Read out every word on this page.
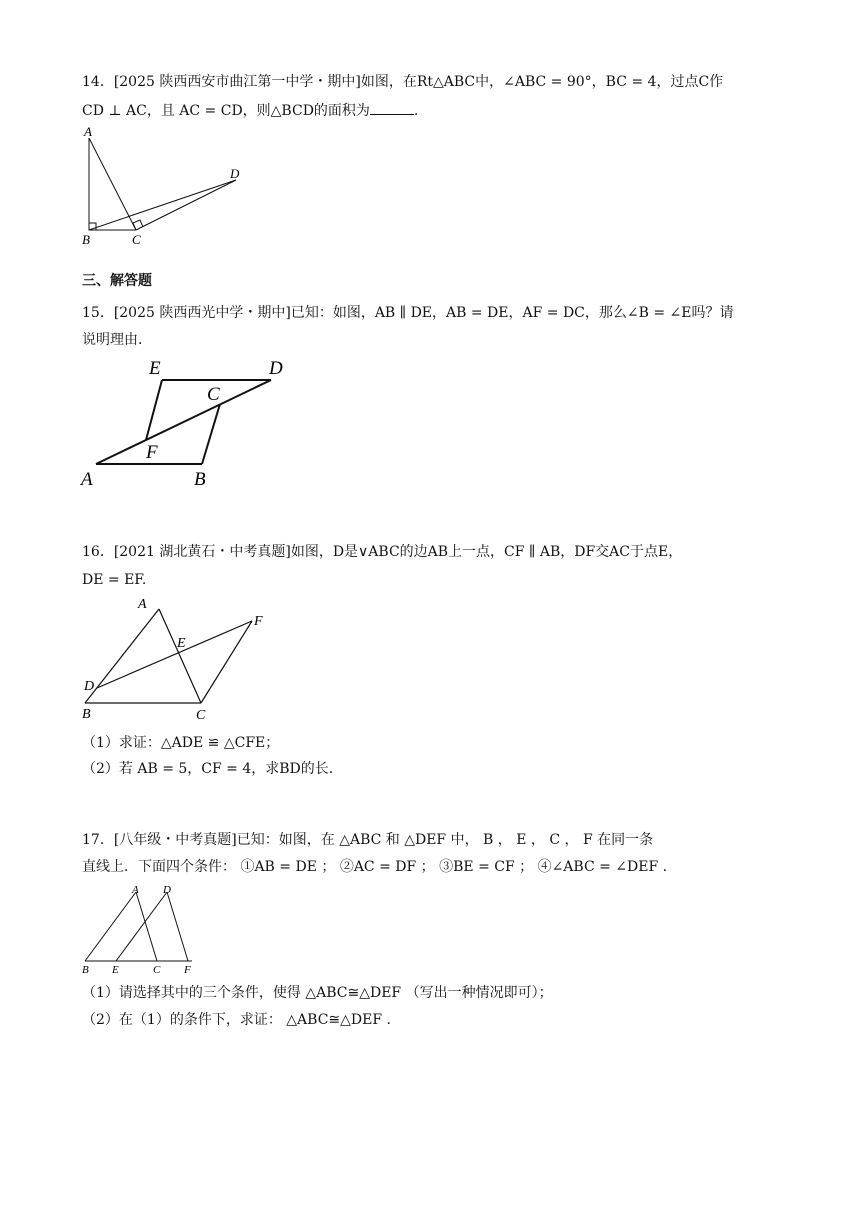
14．[2025 陕西西安市曲江第一中学・期中]如图，在Rt△ABC中，∠ABC = 90°，BC = 4，过点C作
CD ⊥ AC，且 AC = CD，则△BCD的面积为	.
A
B	C
D
三、解答题
15．[2025 陕西西光中学・期中]已知：如图，AB ∥ DE，AB = DE，AF = DC，那么∠B = ∠E吗？请
说明理由.
E	D
C
F
A	B
16．[2021 湖北黄石・中考真题]如图，D是∨ABC的边AB上一点，CF ∥ AB，DF交AC于点E，
DE = EF.
A
E
F
D
B	C
（1）求证：△ADE ≌ △CFE；
（2）若 AB = 5，CF = 4，求BD的长.
17．[八年级・中考真题]已知：如图，在 △ABC 和 △DEF 中， B ， E ， C ， F 在同一条
直线上．下面四个条件： ①AB = DE ； ②AC = DF ； ③BE = CF ； ④∠ABC = ∠DEF .
A D
B E	C F
（1）请选择其中的三个条件，使得 △ABC≅△DEF （写出一种情况即可）；
（2）在（1）的条件下，求证： △ABC≅△DEF .
